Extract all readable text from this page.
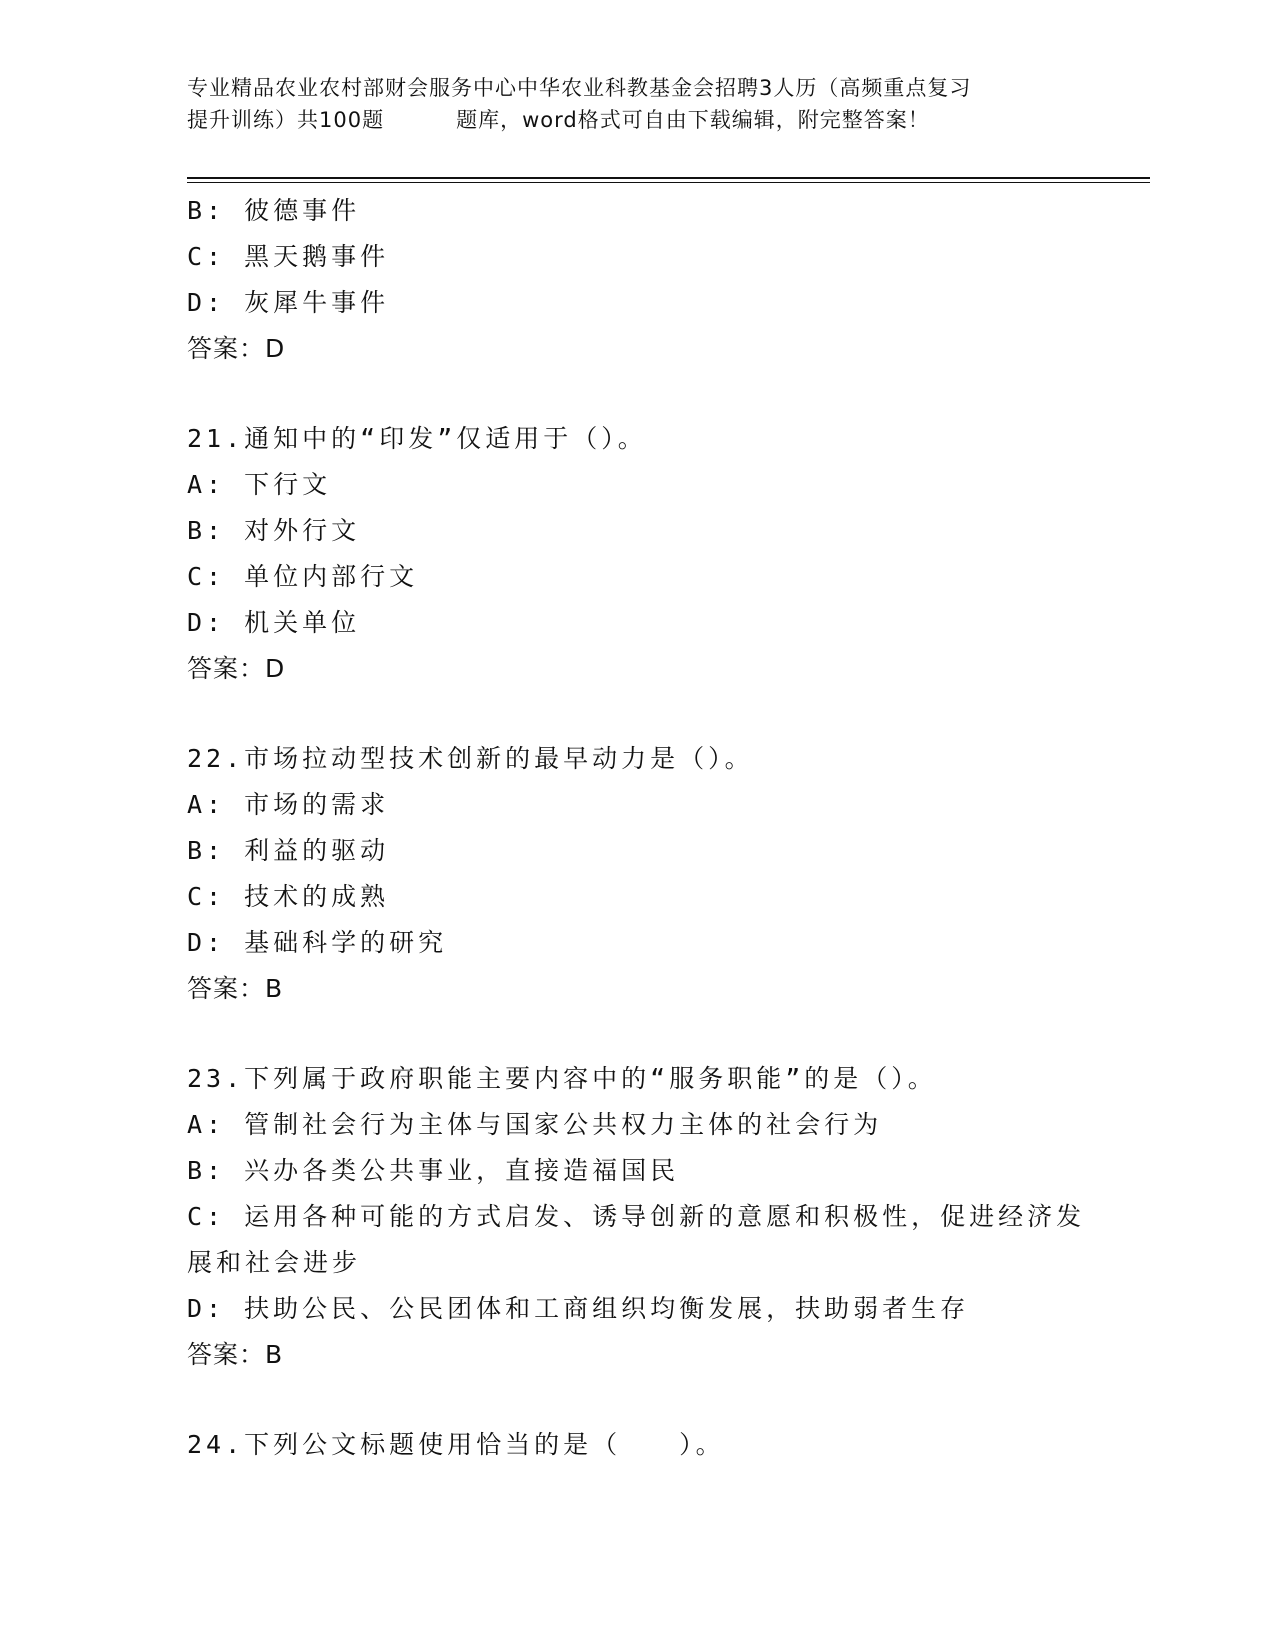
专业精品农业农村部财会服务中心中华农业科教基金会招聘3人历（高频重点复习
提升训练）共100题	题库，word格式可自由下载编辑，附完整答案！
B: 彼德事件
C: 黑天鹅事件
D: 灰犀牛事件
答案：D
21.通知中的“印发”仅适用于（）。
A: 下行文
B: 对外行文
C: 单位内部行文
D: 机关单位
答案：D
22.市场拉动型技术创新的最早动力是（）。
A: 市场的需求
B: 利益的驱动
C: 技术的成熟
D: 基础科学的研究
答案：B
23.下列属于政府职能主要内容中的“服务职能”的是（）。
A: 管制社会行为主体与国家公共权力主体的社会行为
B: 兴办各类公共事业，直接造福国民
C: 运用各种可能的方式启发、诱导创新的意愿和积极性，促进经济发展和社会进步
D: 扶助公民、公民团体和工商组织均衡发展，扶助弱者生存
答案：B
24.下列公文标题使用恰当的是（　　）。
